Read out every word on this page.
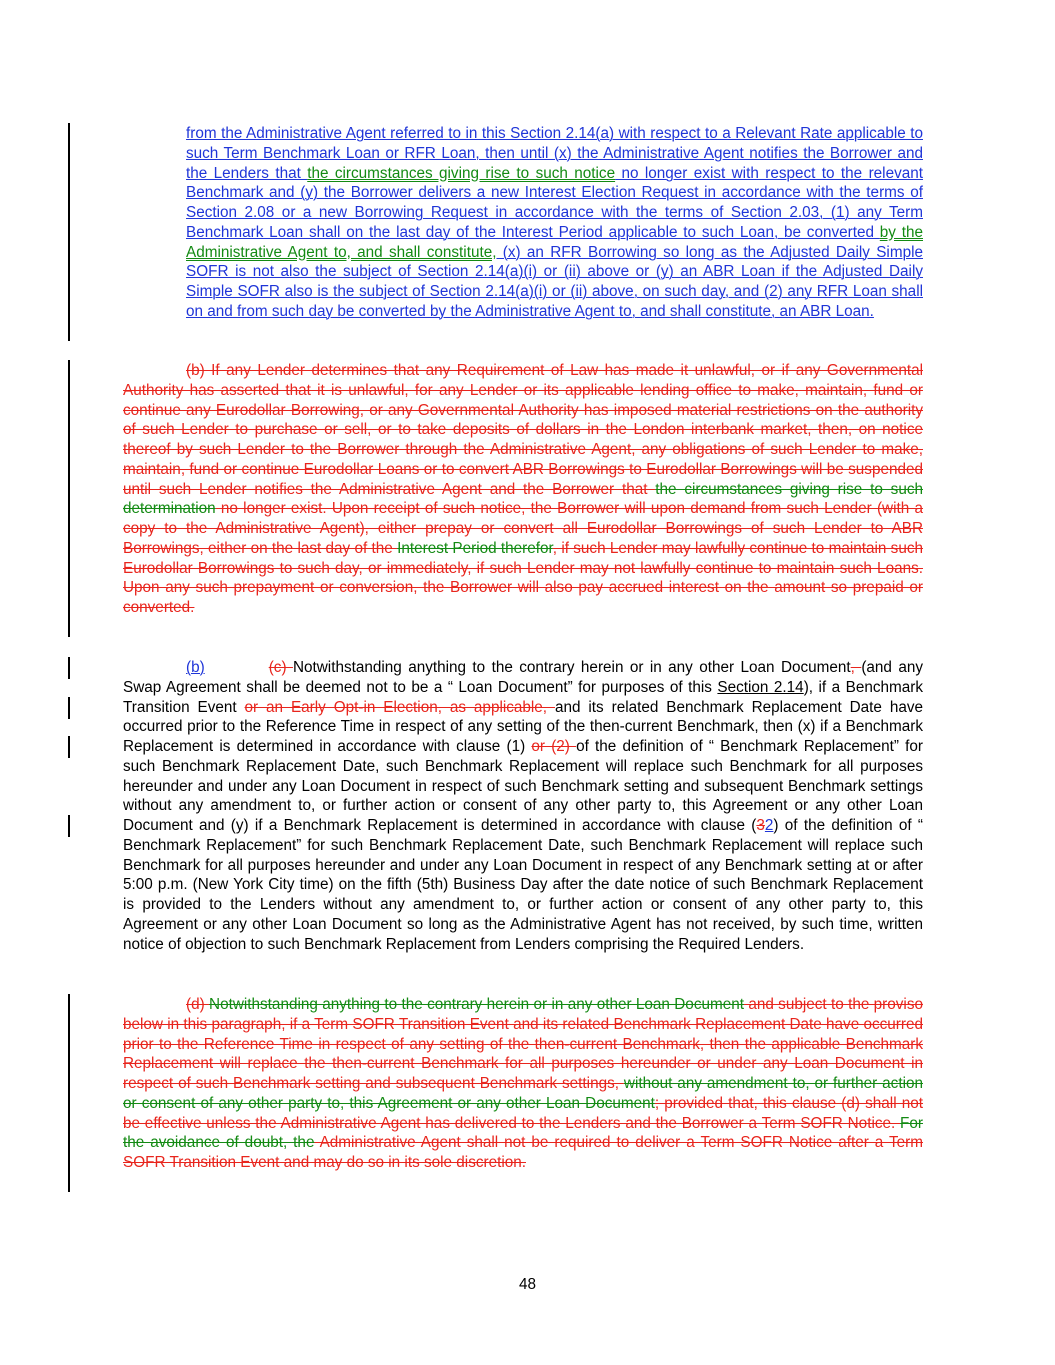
from the Administrative Agent referred to in this Section 2.14(a) with respect to a Relevant Rate applicable to such Term Benchmark Loan or RFR Loan, then until (x) the Administrative Agent notifies the Borrower and the Lenders that the circumstances giving rise to such notice no longer exist with respect to the relevant Benchmark and (y) the Borrower delivers a new Interest Election Request in accordance with the terms of Section 2.08 or a new Borrowing Request in accordance with the terms of Section 2.03, (1) any Term Benchmark Loan shall on the last day of the Interest Period applicable to such Loan, be converted by the Administrative Agent to, and shall constitute, (x) an RFR Borrowing so long as the Adjusted Daily Simple SOFR is not also the subject of Section 2.14(a)(i) or (ii) above or (y) an ABR Loan if the Adjusted Daily Simple SOFR also is the subject of Section 2.14(a)(i) or (ii) above, on such day, and (2) any RFR Loan shall on and from such day be converted by the Administrative Agent to, and shall constitute, an ABR Loan.
(b) If any Lender determines that any Requirement of Law has made it unlawful, or if any Governmental Authority has asserted that it is unlawful, for any Lender or its applicable lending office to make, maintain, fund or continue any Eurodollar Borrowing, or any Governmental Authority has imposed material restrictions on the authority of such Lender to purchase or sell, or to take deposits of dollars in the London interbank market, then, on notice thereof by such Lender to the Borrower through the Administrative Agent, any obligations of such Lender to make, maintain, fund or continue Eurodollar Loans or to convert ABR Borrowings to Eurodollar Borrowings will be suspended until such Lender notifies the Administrative Agent and the Borrower that the circumstances giving rise to such determination no longer exist. Upon receipt of such notice, the Borrower will upon demand from such Lender (with a copy to the Administrative Agent), either prepay or convert all Eurodollar Borrowings of such Lender to ABR Borrowings, either on the last day of the Interest Period therefor, if such Lender may lawfully continue to maintain such Eurodollar Borrowings to such day, or immediately, if such Lender may not lawfully continue to maintain such Loans. Upon any such prepayment or conversion, the Borrower will also pay accrued interest on the amount so prepaid or converted.
(b)	(c) Notwithstanding anything to the contrary herein or in any other Loan Document, (and any Swap Agreement shall be deemed not to be a “ Loan Document” for purposes of this Section 2.14), if a Benchmark Transition Event or an Early Opt-in Election, as applicable, and its related Benchmark Replacement Date have occurred prior to the Reference Time in respect of any setting of the then-current Benchmark, then (x) if a Benchmark Replacement is determined in accordance with clause (1) or (2) of the definition of “ Benchmark Replacement” for such Benchmark Replacement Date, such Benchmark Replacement will replace such Benchmark for all purposes hereunder and under any Loan Document in respect of such Benchmark setting and subsequent Benchmark settings without any amendment to, or further action or consent of any other party to, this Agreement or any other Loan Document and (y) if a Benchmark Replacement is determined in accordance with clause (32) of the definition of “ Benchmark Replacement” for such Benchmark Replacement Date, such Benchmark Replacement will replace such Benchmark for all purposes hereunder and under any Loan Document in respect of any Benchmark setting at or after 5:00 p.m. (New York City time) on the fifth (5th) Business Day after the date notice of such Benchmark Replacement is provided to the Lenders without any amendment to, or further action or consent of any other party to, this Agreement or any other Loan Document so long as the Administrative Agent has not received, by such time, written notice of objection to such Benchmark Replacement from Lenders comprising the Required Lenders.
(d) Notwithstanding anything to the contrary herein or in any other Loan Document and subject to the proviso below in this paragraph, if a Term SOFR Transition Event and its related Benchmark Replacement Date have occurred prior to the Reference Time in respect of any setting of the then-current Benchmark, then the applicable Benchmark Replacement will replace the then-current Benchmark for all purposes hereunder or under any Loan Document in respect of such Benchmark setting and subsequent Benchmark settings, without any amendment to, or further action or consent of any other party to, this Agreement or any other Loan Document; provided that, this clause (d) shall not be effective unless the Administrative Agent has delivered to the Lenders and the Borrower a Term SOFR Notice. For the avoidance of doubt, the Administrative Agent shall not be required to deliver a Term SOFR Notice after a Term SOFR Transition Event and may do so in its sole discretion.
48
